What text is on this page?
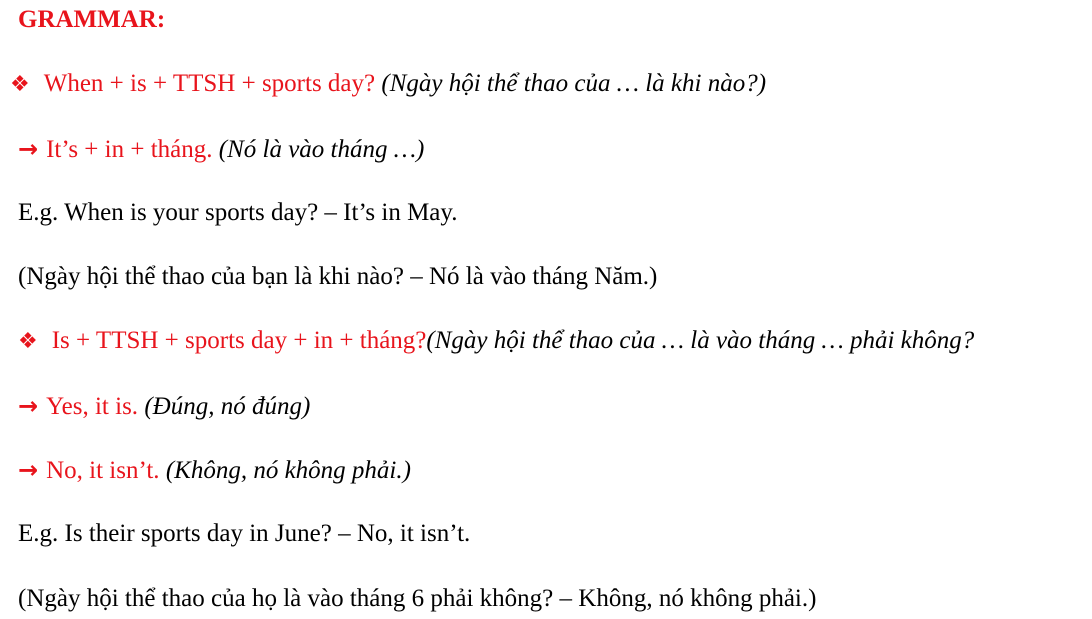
GRAMMAR:
❖ When + is + TTSH + sports day? (Ngày hội thể thao của … là khi nào?)
→ It’s + in + tháng. (Nó là vào tháng …)
E.g. When is your sports day? – It’s in May.
(Ngày hội thể thao của bạn là khi nào? – Nó là vào tháng Năm.)
❖ Is + TTSH + sports day + in + tháng?(Ngày hội thể thao của … là vào tháng … phải không?
→ Yes, it is. (Đúng, nó đúng)
→ No, it isn’t. (Không, nó không phải.)
E.g. Is their sports day in June? – No, it isn’t.
(Ngày hội thể thao của họ là vào tháng 6 phải không? – Không, nó không phải.)
